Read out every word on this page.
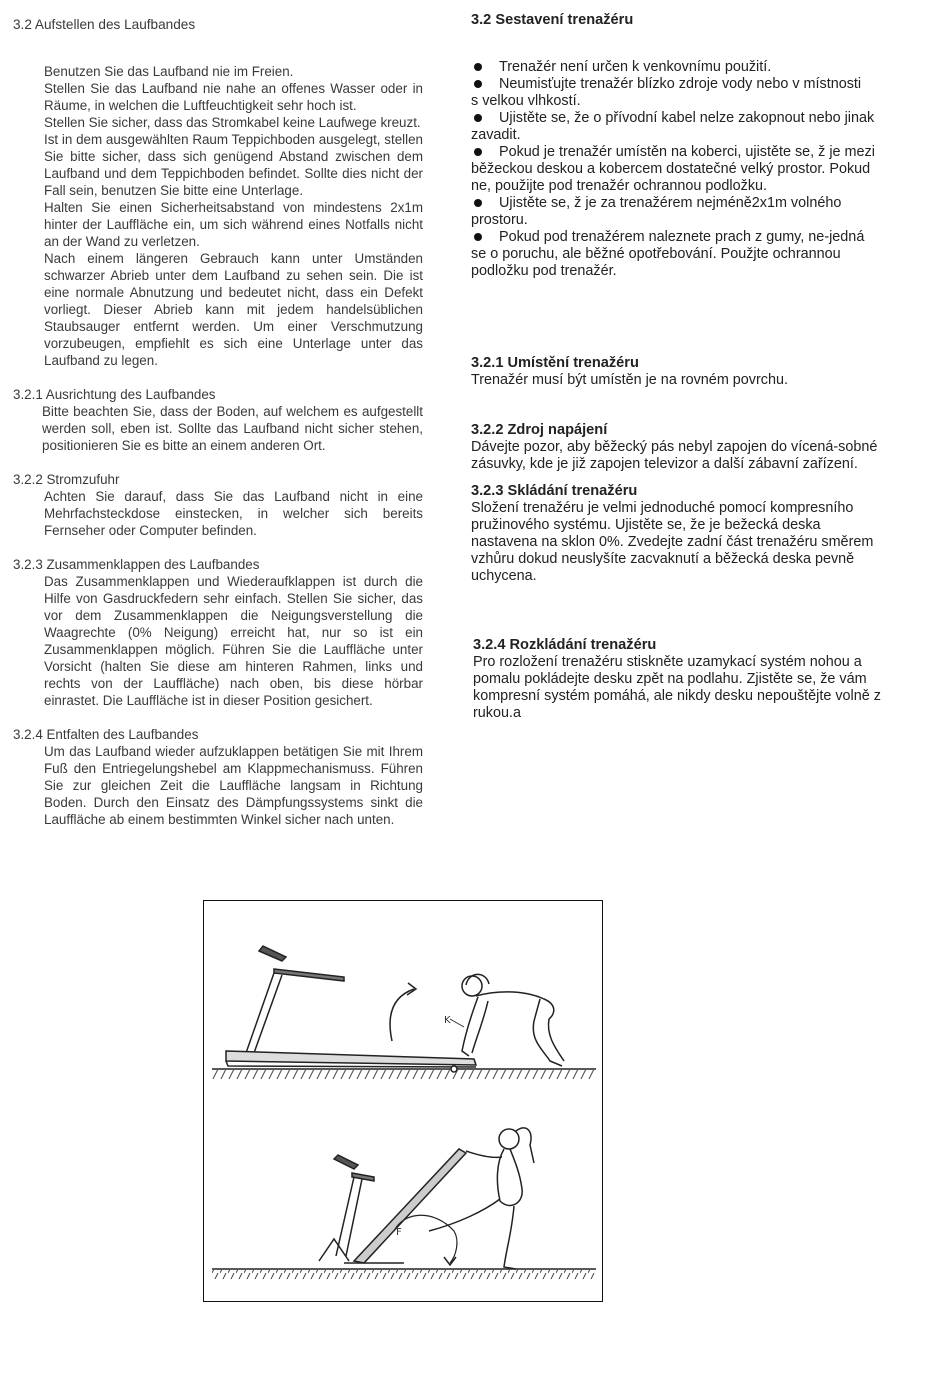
3.2 Aufstellen des Laufbandes
Benutzen Sie das Laufband nie im Freien.
Stellen Sie das Laufband nie nahe an offenes Wasser oder in Räume, in welchen die Luftfeuchtigkeit sehr hoch ist.
Stellen Sie sicher, dass das Stromkabel keine Laufwege kreuzt.
Ist in dem ausgewählten Raum Teppichboden ausgelegt, stellen Sie bitte sicher, dass sich genügend Abstand zwischen dem Laufband und dem Teppichboden befindet. Sollte dies nicht der Fall sein, benutzen Sie bitte eine Unterlage.
Halten Sie einen Sicherheitsabstand von mindestens 2x1m hinter der Lauffläche ein, um sich während eines Notfalls nicht an der Wand zu verletzen.
Nach einem längeren Gebrauch kann unter Umständen schwarzer Abrieb unter dem Laufband zu sehen sein. Die ist eine normale Abnutzung und bedeutet nicht, dass ein Defekt vorliegt. Dieser Abrieb kann mit jedem handelsüblichen Staubsauger entfernt werden. Um einer Verschmutzung vorzubeugen, empfiehlt es sich eine Unterlage unter das Laufband zu legen.
3.2.1 Ausrichtung des Laufbandes
Bitte beachten Sie, dass der Boden, auf welchem es aufgestellt werden soll, eben ist. Sollte das Laufband nicht sicher stehen, positionieren Sie es bitte an einem anderen Ort.
3.2.2 Stromzufuhr
Achten Sie darauf, dass Sie das Laufband nicht in eine Mehrfachsteckdose einstecken, in welcher sich bereits Fernseher oder Computer befinden.
3.2.3 Zusammenklappen des Laufbandes
Das Zusammenklappen und Wiederaufklappen ist durch die Hilfe von Gasdruckfedern sehr einfach. Stellen Sie sicher, das vor dem Zusammenklappen die Neigungsverstellung die Waagrechte (0% Neigung) erreicht hat, nur so ist ein Zusammenklappen möglich. Führen Sie die Lauffläche unter Vorsicht (halten Sie diese am hinteren Rahmen, links und rechts von der Lauffläche) nach oben, bis diese hörbar einrastet. Die Lauffläche ist in dieser Position gesichert.
3.2.4 Entfalten des Laufbandes
Um das Laufband wieder aufzuklappen betätigen Sie mit Ihrem Fuß den Entriegelungshebel am Klappmechanismuss. Führen Sie zur gleichen Zeit die Lauffläche langsam in Richtung Boden. Durch den Einsatz des Dämpfungssystems sinkt die Lauffläche ab einem bestimmten Winkel sicher nach unten.
3.2 Sestavení trenažéru
Trenažér není určen k venkovnímu použití.
Neumisťujte trenažér blízko zdroje vody nebo v místnosti
s velkou vlhkostí.
Ujistěte se, že o přívodní kabel nelze zakopnout nebo jinak zavadit.
Pokud je trenažér umístěn na koberci, ujistěte se, ž je mezi běžeckou deskou a kobercem dostatečné velký prostor. Pokud ne, použijte pod trenažér ochrannou podložku.
Ujistěte se, ž je za trenažérem nejméně2x1m volného prostoru.
Pokud pod trenažérem naleznete prach z gumy, ne-jedná
se o poruchu, ale běžné opotřebování. Použjte ochrannou podložku pod trenažér.
3.2.1 Umístění trenažéru
Trenažér musí být umístěn je na rovném povrchu.
3.2.2 Zdroj napájení
Dávejte pozor, aby běžecký pás nebyl zapojen do vícená-sobné zásuvky, kde je již zapojen televizor a další zábavní zařízení.
3.2.3 Skládání trenažéru
Složení trenažéru je velmi jednoduché pomocí kompresního pružinového systému. Ujistěte se, že je bežecká deska nastavena na sklon 0%. Zvedejte zadní část trenažéru směrem vzhůru dokud neuslyšíte zacvaknutí a běžecká deska pevně uchycena.
3.2.4 Rozkládání trenažéru
Pro rozložení trenažéru stiskněte uzamykací systém nohou a pomalu pokládejte desku zpět na podlahu. Zjistěte se, že vám kompresní systém pomáhá, ale nikdy desku nepouštějte volně z rukou.a
K
F
